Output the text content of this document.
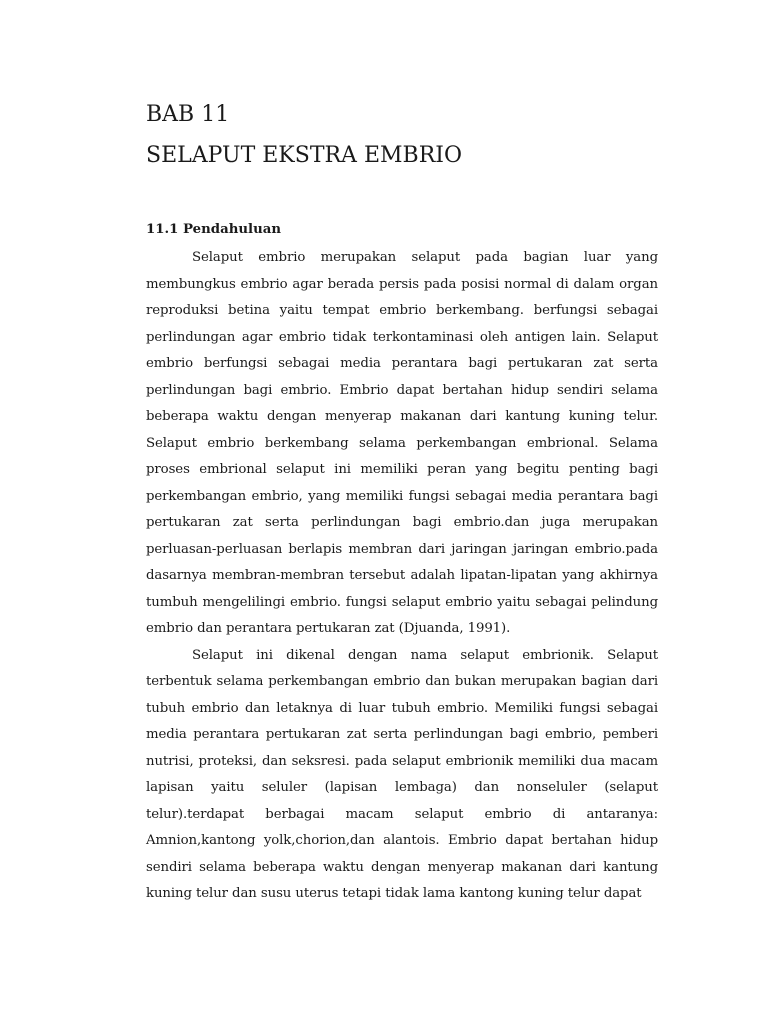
BAB 11
SELAPUT EKSTRA EMBRIO
11.1 Pendahuluan

Selaput embrio merupakan selaput pada bagian luar yang membungkus embrio agar berada persis pada posisi normal di dalam organ reproduksi betina yaitu tempat embrio berkembang. berfungsi sebagai perlindungan agar embrio tidak terkontaminasi oleh antigen lain. Selaput embrio berfungsi sebagai media perantara bagi pertukaran zat serta perlindungan bagi embrio. Embrio dapat bertahan hidup sendiri selama beberapa waktu dengan menyerap makanan dari kantung kuning telur. Selaput embrio berkembang selama perkembangan embrional. Selama proses embrional selaput ini memiliki peran yang begitu penting bagi perkembangan embrio, yang memiliki fungsi sebagai media perantara bagi pertukaran zat serta perlindungan bagi embrio.dan juga merupakan perluasan-perluasan berlapis membran dari jaringan jaringan embrio.pada dasarnya membran-membran tersebut adalah lipatan-lipatan yang akhirnya tumbuh mengelilingi embrio. fungsi selaput embrio yaitu sebagai pelindung embrio dan perantara pertukaran zat (Djuanda, 1991).

Selaput ini dikenal dengan nama selaput embrionik. Selaput terbentuk selama perkembangan embrio dan bukan merupakan bagian dari tubuh embrio dan letaknya di luar tubuh embrio. Memiliki fungsi sebagai media perantara pertukaran zat serta perlindungan bagi embrio, pemberi nutrisi, proteksi, dan seksresi. pada selaput embrionik memiliki dua macam lapisan yaitu seluler (lapisan lembaga) dan nonseluler (selaput telur).terdapat berbagai macam selaput embrio di antaranya: Amnion,kantong yolk,chorion,dan alantois. Embrio dapat bertahan hidup sendiri selama beberapa waktu dengan menyerap makanan dari kantung kuning telur dan susu uterus tetapi tidak lama kantong kuning telur dapat
